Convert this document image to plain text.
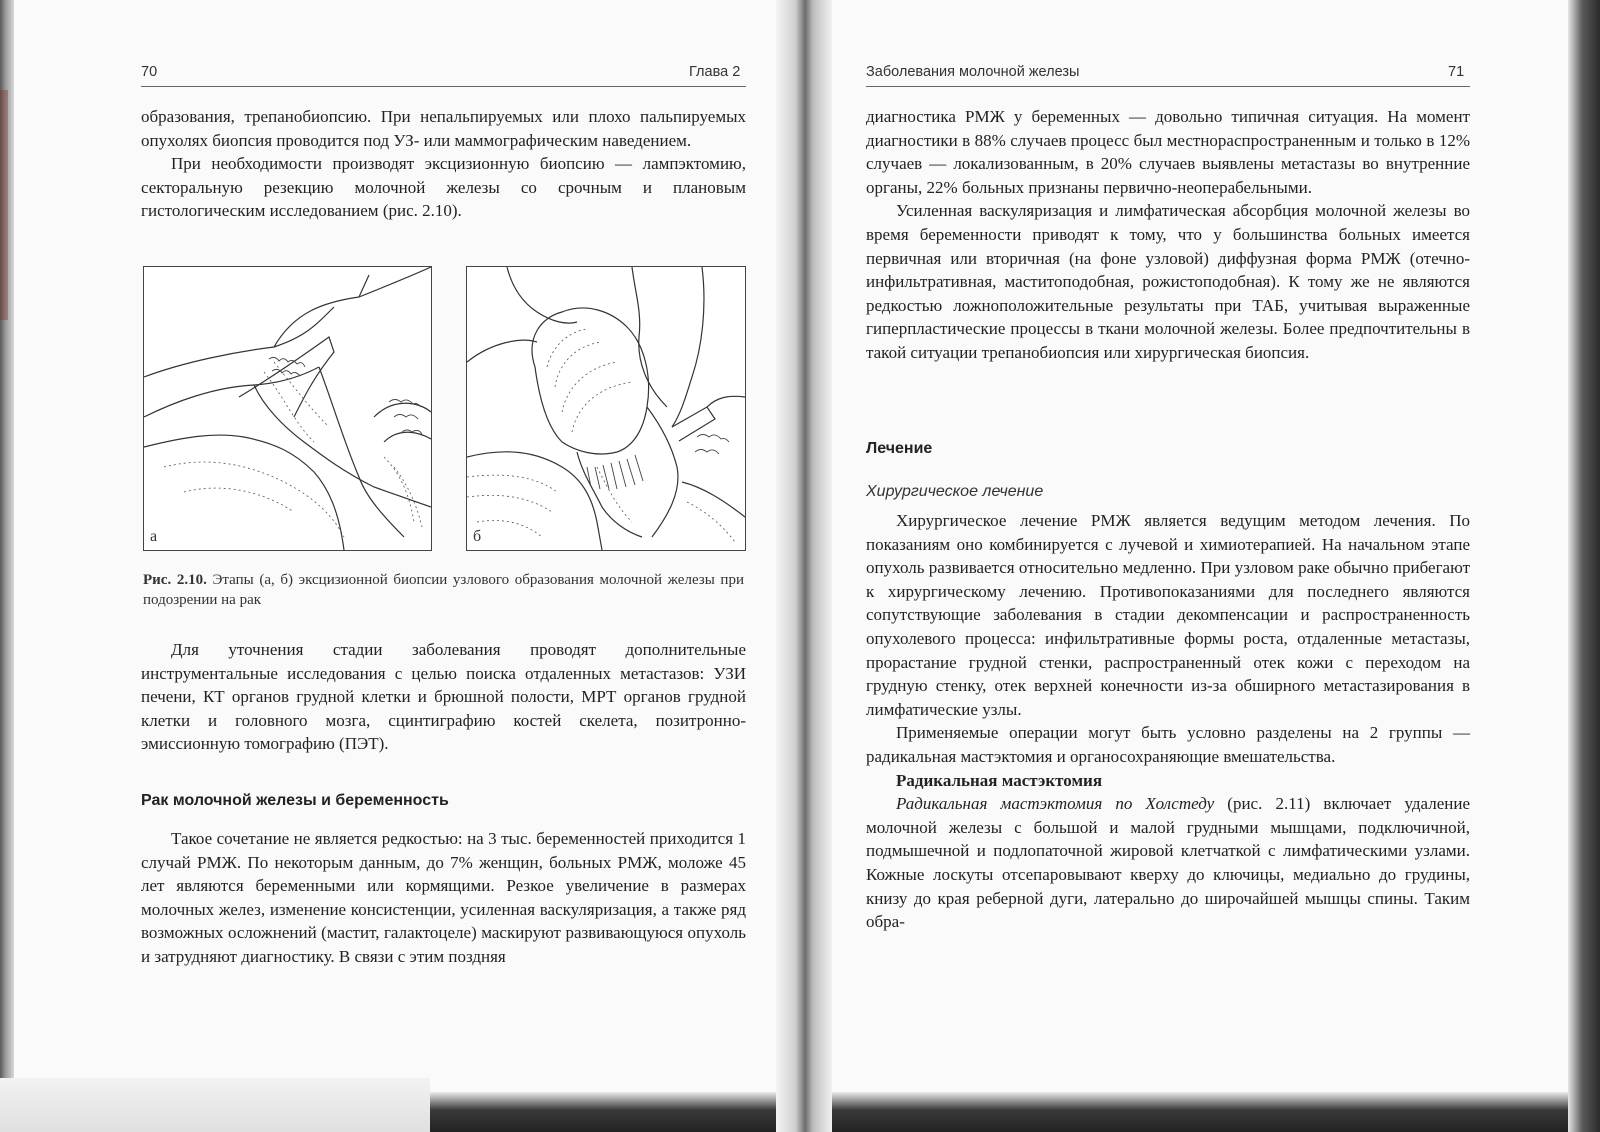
70	Глава 2

образования, трепанобиопсию. При непальпируемых или плохо пальпируемых опухолях биопсия проводится под УЗ- или маммографическим наведением.

При необходимости производят эксцизионную биопсию — лампэктомию, секторальную резекцию молочной железы со срочным и плановым гистологическим исследованием (рис. 2.10).

а	б
Рис. 2.10. Этапы (а, б) эксцизионной биопсии узлового образования молочной железы при подозрении на рак

Для уточнения стадии заболевания проводят дополнительные инструментальные исследования с целью поиска отдаленных метастазов: УЗИ печени, КТ органов грудной клетки и брюшной полости, МРТ органов грудной клетки и головного мозга, сцинтиграфию костей скелета, позитронно-эмиссионную томографию (ПЭТ).

Рак молочной железы и беременность

Такое сочетание не является редкостью: на 3 тыс. беременностей приходится 1 случай РМЖ. По некоторым данным, до 7% женщин, больных РМЖ, моложе 45 лет являются беременными или кормящими. Резкое увеличение в размерах молочных желез, изменение консистенции, усиленная васкуляризация, а также ряд возможных осложнений (мастит, галактоцеле) маскируют развивающуюся опухоль и затрудняют диагностику. В связи с этим поздняя

Заболевания молочной железы	71

диагностика РМЖ у беременных — довольно типичная ситуация. На момент диагностики в 88% случаев процесс был местнораспространенным и только в 12% случаев — локализованным, в 20% случаев выявлены метастазы во внутренние органы, 22% больных признаны первично-неоперабельными.

Усиленная васкуляризация и лимфатическая абсорбция молочной железы во время беременности приводят к тому, что у большинства больных имеется первичная или вторичная (на фоне узловой) диффузная форма РМЖ (отечно-инфильтративная, маститоподобная, рожистоподобная). К тому же не являются редкостью ложноположительные результаты при ТАБ, учитывая выраженные гиперпластические процессы в ткани молочной железы. Более предпочтительны в такой ситуации трепанобиопсия или хирургическая биопсия.

Лечение
Хирургическое лечение

Хирургическое лечение РМЖ является ведущим методом лечения. По показаниям оно комбинируется с лучевой и химиотерапией. На начальном этапе опухоль развивается относительно медленно. При узловом раке обычно прибегают к хирургическому лечению. Противопоказаниями для последнего являются сопутствующие заболевания в стадии декомпенсации и распространенность опухолевого процесса: инфильтративные формы роста, отдаленные метастазы, прорастание грудной стенки, распространенный отек кожи с переходом на грудную стенку, отек верхней конечности из-за обширного метастазирования в лимфатические узлы.

Применяемые операции могут быть условно разделены на 2 группы — радикальная мастэктомия и органосохраняющие вмешательства.

Радикальная мастэктомия

Радикальная мастэктомия по Холстеду (рис. 2.11) включает удаление молочной железы с большой и малой грудными мышцами, подключичной, подмышечной и подлопаточной жировой клетчаткой с лимфатическими узлами. Кожные лоскуты отсепаровывают кверху до ключицы, медиально до грудины, книзу до края реберной дуги, латерально до широчайшей мышцы спины. Таким обра-
